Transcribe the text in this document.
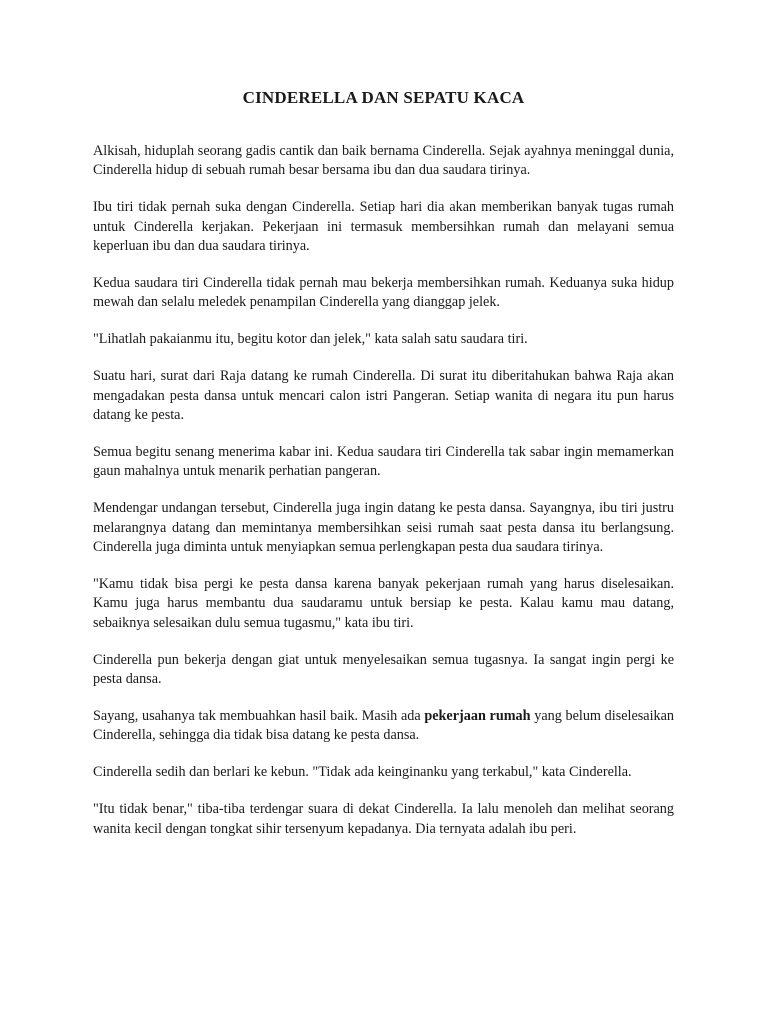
CINDERELLA DAN SEPATU KACA

Alkisah, hiduplah seorang gadis cantik dan baik bernama Cinderella. Sejak ayahnya meninggal dunia, Cinderella hidup di sebuah rumah besar bersama ibu dan dua saudara tirinya.

Ibu tiri tidak pernah suka dengan Cinderella. Setiap hari dia akan memberikan banyak tugas rumah untuk Cinderella kerjakan. Pekerjaan ini termasuk membersihkan rumah dan melayani semua keperluan ibu dan dua saudara tirinya.

Kedua saudara tiri Cinderella tidak pernah mau bekerja membersihkan rumah. Keduanya suka hidup mewah dan selalu meledek penampilan Cinderella yang dianggap jelek.

"Lihatlah pakaianmu itu, begitu kotor dan jelek," kata salah satu saudara tiri.

Suatu hari, surat dari Raja datang ke rumah Cinderella. Di surat itu diberitahukan bahwa Raja akan mengadakan pesta dansa untuk mencari calon istri Pangeran. Setiap wanita di negara itu pun harus datang ke pesta.

Semua begitu senang menerima kabar ini. Kedua saudara tiri Cinderella tak sabar ingin memamerkan gaun mahalnya untuk menarik perhatian pangeran.

Mendengar undangan tersebut, Cinderella juga ingin datang ke pesta dansa. Sayangnya, ibu tiri justru melarangnya datang dan memintanya membersihkan seisi rumah saat pesta dansa itu berlangsung. Cinderella juga diminta untuk menyiapkan semua perlengkapan pesta dua saudara tirinya.

"Kamu tidak bisa pergi ke pesta dansa karena banyak pekerjaan rumah yang harus diselesaikan. Kamu juga harus membantu dua saudaramu untuk bersiap ke pesta. Kalau kamu mau datang, sebaiknya selesaikan dulu semua tugasmu," kata ibu tiri.

Cinderella pun bekerja dengan giat untuk menyelesaikan semua tugasnya. Ia sangat ingin pergi ke pesta dansa.

Sayang, usahanya tak membuahkan hasil baik. Masih ada pekerjaan rumah yang belum diselesaikan Cinderella, sehingga dia tidak bisa datang ke pesta dansa.

Cinderella sedih dan berlari ke kebun. "Tidak ada keinginanku yang terkabul," kata Cinderella.

"Itu tidak benar," tiba-tiba terdengar suara di dekat Cinderella. Ia lalu menoleh dan melihat seorang wanita kecil dengan tongkat sihir tersenyum kepadanya. Dia ternyata adalah ibu peri.
